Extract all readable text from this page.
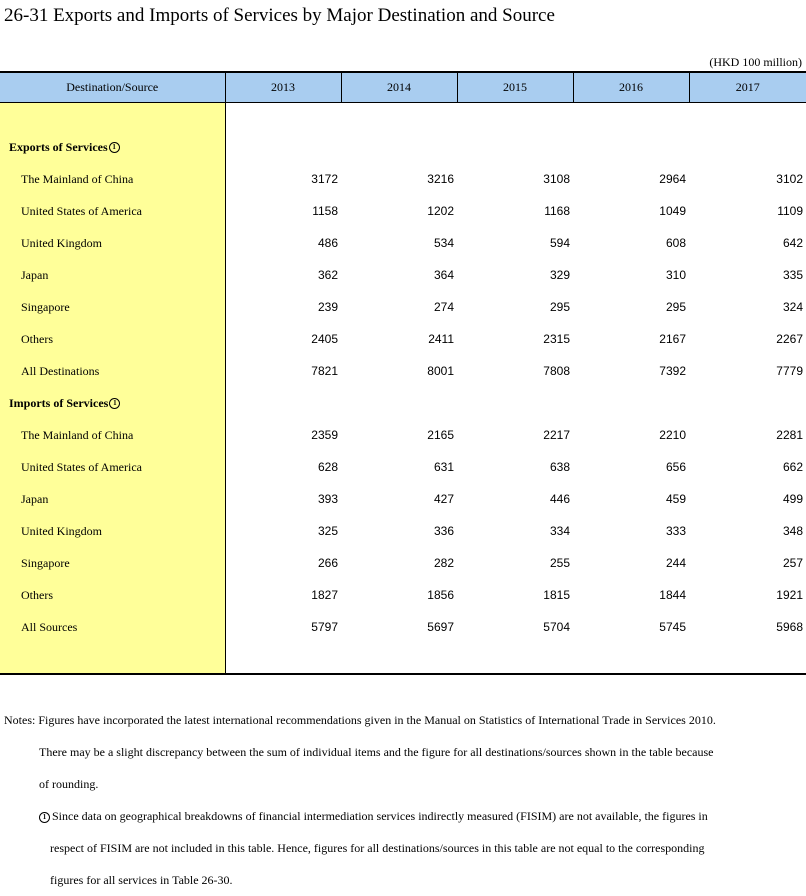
26-31 Exports and Imports of Services by Major Destination and Source
(HKD 100 million)
Destination/Source	2013	2014	2015	2016	2017

Exports of Services 1					
The Mainland of China	3172	3216	3108	2964	3102
United States of America	1158	1202	1168	1049	1109
United Kingdom	486	534	594	608	642
Japan	362	364	329	310	335
Singapore	239	274	295	295	324
Others	2405	2411	2315	2167	2267
All Destinations	7821	8001	7808	7392	7779
Imports of Services 1					
The Mainland of China	2359	2165	2217	2210	2281
United States of America	628	631	638	656	662
Japan	393	427	446	459	499
United Kingdom	325	336	334	333	348
Singapore	266	282	255	244	257
Others	1827	1856	1815	1844	1921
All Sources	5797	5697	5704	5745	5968

Notes: Figures have incorporated the latest international recommendations given in the Manual on Statistics of International Trade in Services 2010.

There may be a slight discrepancy between the sum of individual items and the figure for all destinations/sources shown in the table because

of rounding.

1 Since data on geographical breakdowns of financial intermediation services indirectly measured (FISIM) are not available, the figures in

respect of FISIM are not included in this table. Hence, figures for all destinations/sources in this table are not equal to the corresponding

figures for all services in Table 26-30.
